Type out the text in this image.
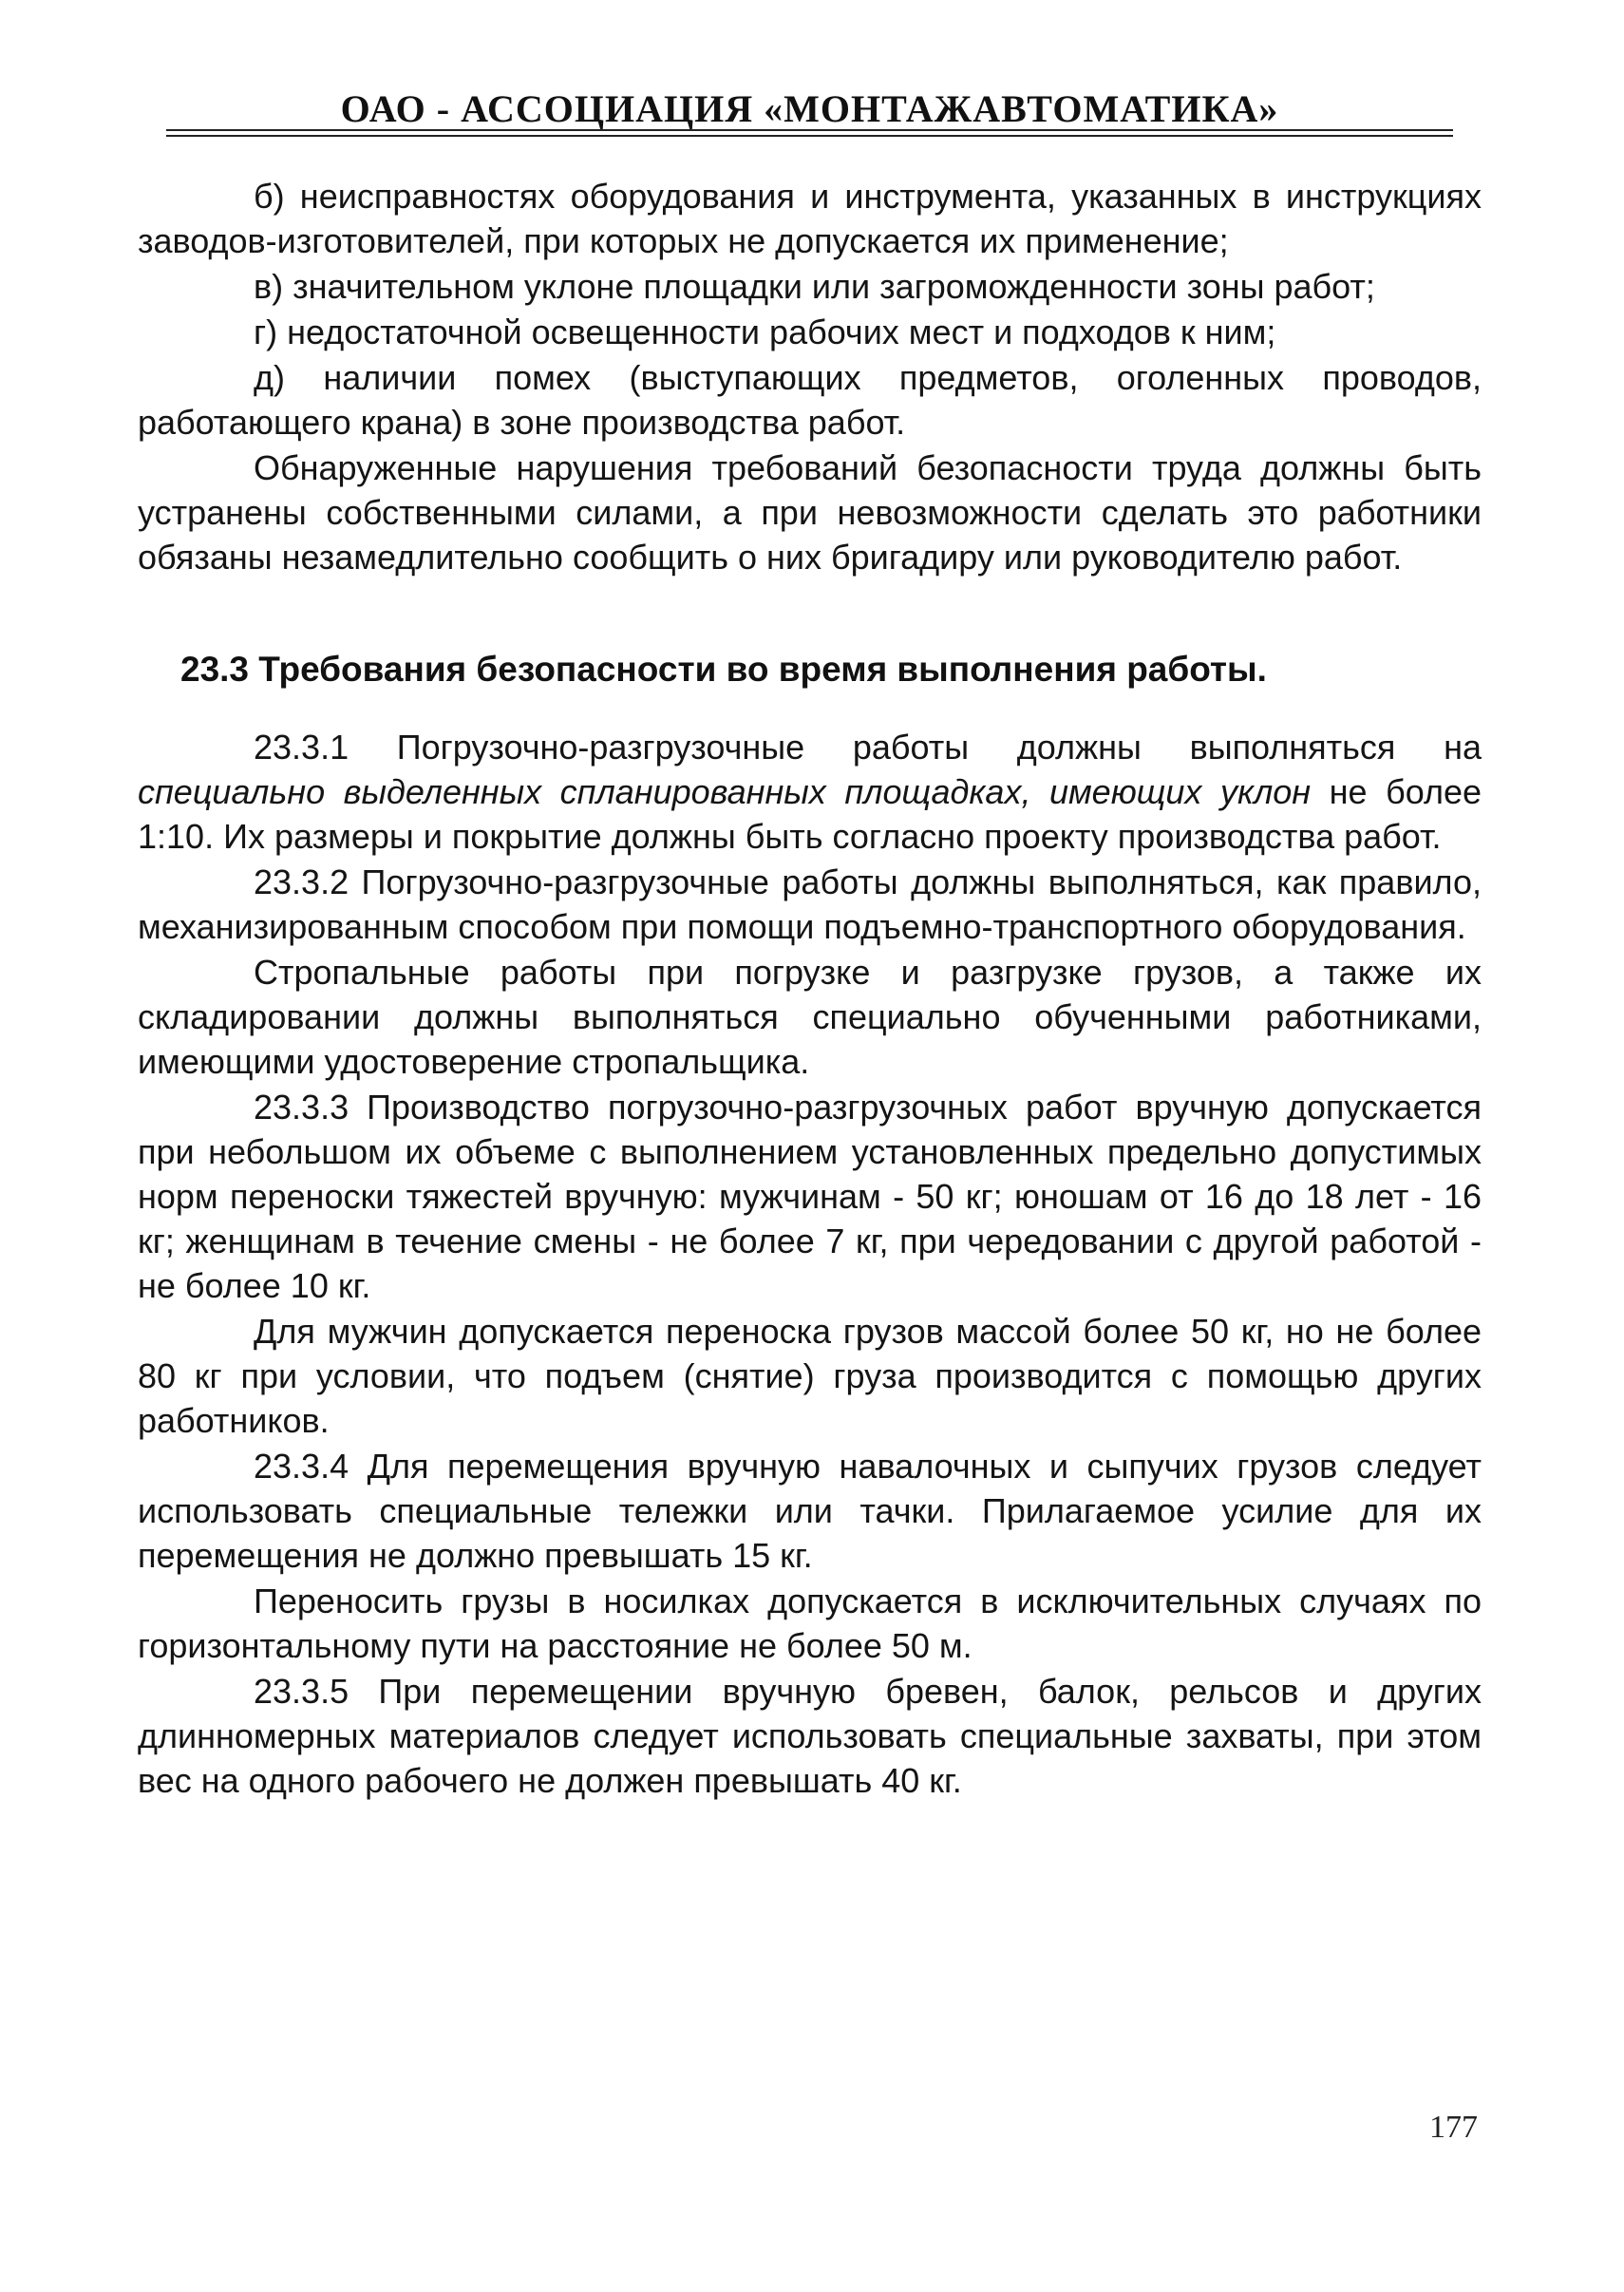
ОАО - АССОЦИАЦИЯ «МОНТАЖАВТОМАТИКА»

б) неисправностях оборудования и инструмента, указанных в инструкциях заводов-изготовителей, при которых не допускается их применение;

в) значительном уклоне площадки или загроможденности зоны работ;

г) недостаточной освещенности рабочих мест и подходов к ним;

д) наличии помех (выступающих предметов, оголенных проводов, работающего крана) в зоне производства работ.

Обнаруженные нарушения требований безопасности труда должны быть устранены собственными силами, а при невозможности сделать это работники обязаны незамедлительно сообщить о них бригадиру или руководителю работ.

23.3 Требования безопасности во время выполнения работы.

23.3.1 Погрузочно-разгрузочные работы должны выполняться на специально выделенных спланированных площадках, имеющих уклон не более 1:10. Их размеры и покрытие должны быть согласно проекту производства работ.

23.3.2 Погрузочно-разгрузочные работы должны выполняться, как правило, механизированным способом при помощи подъемно-транспортного оборудования.

Стропальные работы при погрузке и разгрузке грузов, а также их складировании должны выполняться специально обученными работниками, имеющими удостоверение стропальщика.

23.3.3 Производство погрузочно-разгрузочных работ вручную допускается при небольшом их объеме с выполнением установленных предельно допустимых норм переноски тяжестей вручную: мужчинам - 50 кг; юношам от 16 до 18 лет - 16 кг; женщинам в течение смены - не более 7 кг, при чередовании с другой работой - не более 10 кг.

Для мужчин допускается переноска грузов массой более 50 кг, но не более 80 кг при условии, что подъем (снятие) груза производится с помощью других работников.

23.3.4 Для перемещения вручную навалочных и сыпучих грузов следует использовать специальные тележки или тачки. Прилагаемое усилие для их перемещения не должно превышать 15 кг.

Переносить грузы в носилках допускается в исключительных случаях по горизонтальному пути на расстояние не более 50 м.

23.3.5 При перемещении вручную бревен, балок, рельсов и других длинномерных материалов следует использовать специальные захваты, при этом вес на одного рабочего не должен превышать 40 кг.

177
